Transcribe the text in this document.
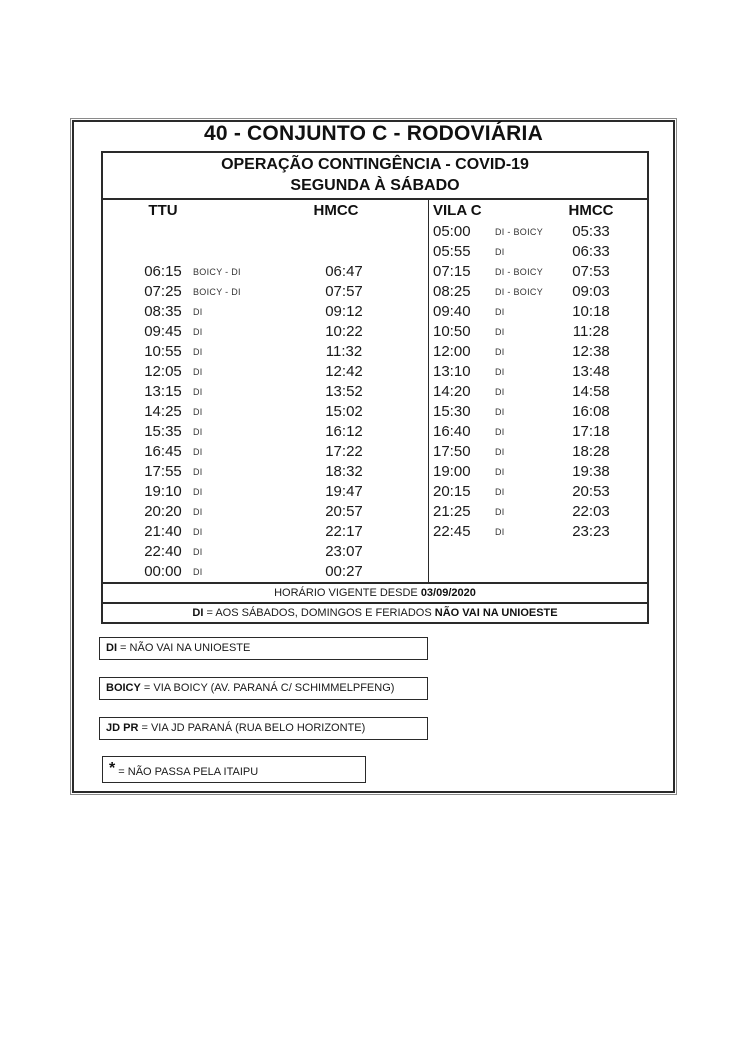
40 - CONJUNTO C - RODOVIÁRIA
OPERAÇÃO CONTINGÊNCIA - COVID-19
SEGUNDA À SÁBADO
TTU	HMCC
06:15	BOICY - DI	06:47
07:25	BOICY - DI	07:57
08:35	DI	09:12
09:45	DI	10:22
10:55	DI	11:32
12:05	DI	12:42
13:15	DI	13:52
14:25	DI	15:02
15:35	DI	16:12
16:45	DI	17:22
17:55	DI	18:32
19:10	DI	19:47
20:20	DI	20:57
21:40	DI	22:17
22:40	DI	23:07
00:00	DI	00:27
VILA C	HMCC
05:00	DI - BOICY	05:33
05:55	DI	06:33
07:15	DI - BOICY	07:53
08:25	DI - BOICY	09:03
09:40	DI	10:18
10:50	DI	11:28
12:00	DI	12:38
13:10	DI	13:48
14:20	DI	14:58
15:30	DI	16:08
16:40	DI	17:18
17:50	DI	18:28
19:00	DI	19:38
20:15	DI	20:53
21:25	DI	22:03
22:45	DI	23:23
HORÁRIO VIGENTE DESDE 03/09/2020
DI = AOS SÁBADOS, DOMINGOS E FERIADOS NÃO VAI NA UNIOESTE
DI = NÃO VAI NA UNIOESTE
BOICY = VIA BOICY (AV. PARANÁ C/ SCHIMMELPFENG)
JD PR = VIA JD PARANÁ (RUA BELO HORIZONTE)
* = NÃO PASSA PELA ITAIPU
